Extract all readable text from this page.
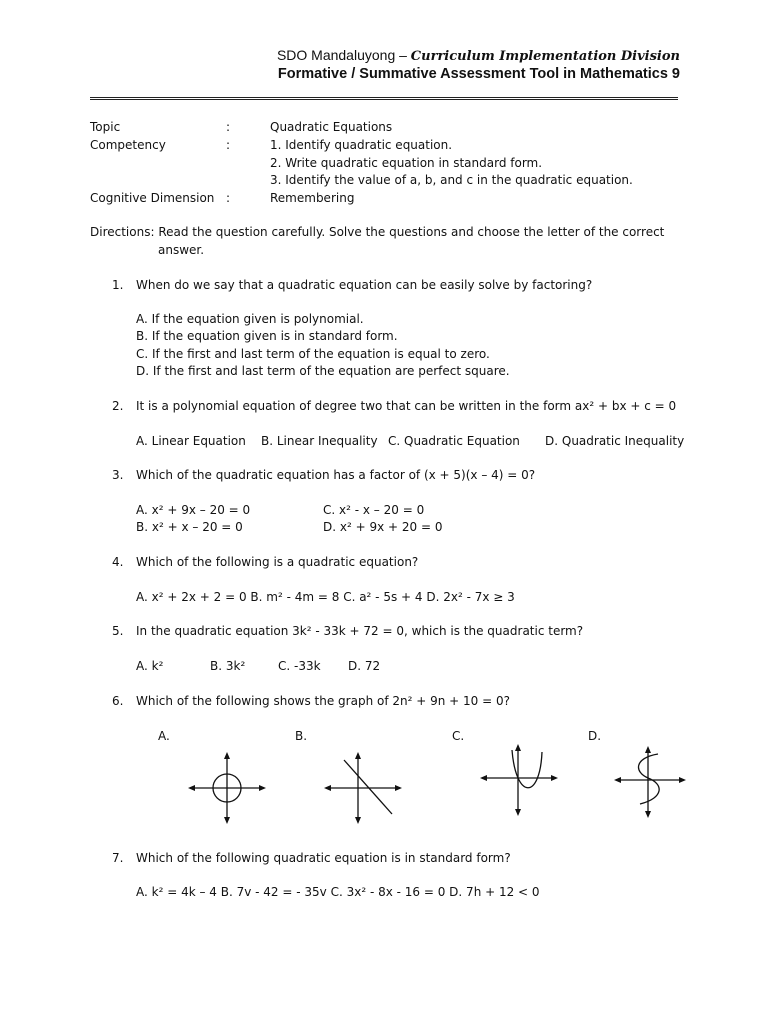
SDO Mandaluyong – Curriculum Implementation Division
Formative / Summative Assessment Tool in Mathematics 9
Topic	:	Quadratic Equations
Competency	:	1. Identify quadratic equation.
2. Write quadratic equation in standard form.
3. Identify the value of a, b, and c in the quadratic equation.
Cognitive Dimension :	Remembering
Directions: Read the question carefully. Solve the questions and choose the letter of the correct
answer.
1. When do we say that a quadratic equation can be easily solve by factoring?
A. If the equation given is polynomial.
B. If the equation given is in standard form.
C. If the first and last term of the equation is equal to zero.
D. If the first and last term of the equation are perfect square.
2. It is a polynomial equation of degree two that can be written in the form ax² + bx + c = 0
A. Linear Equation B. Linear Inequality C. Quadratic Equation D. Quadratic Inequality
3. Which of the quadratic equation has a factor of (x + 5)(x – 4) = 0?
A. x² + 9x – 20 = 0	C. x² - x – 20 = 0
B. x² + x – 20 = 0	D. x² + 9x + 20 = 0
4. Which of the following is a quadratic equation?
A. x² + 2x + 2 = 0 B. m² - 4m = 8 C. a² - 5s + 4 D. 2x² - 7x ≥ 3
5. In the quadratic equation 3k² - 33k + 72 = 0, which is the quadratic term?
A. k²	B. 3k²	C. -33k D. 72
6. Which of the following shows the graph of 2n² + 9n + 10 = 0?
A.	B.	C.	D.
7. Which of the following quadratic equation is in standard form?
A. k² = 4k – 4 B. 7v - 42 = - 35v C. 3x² - 8x - 16 = 0 D. 7h + 12 < 0
